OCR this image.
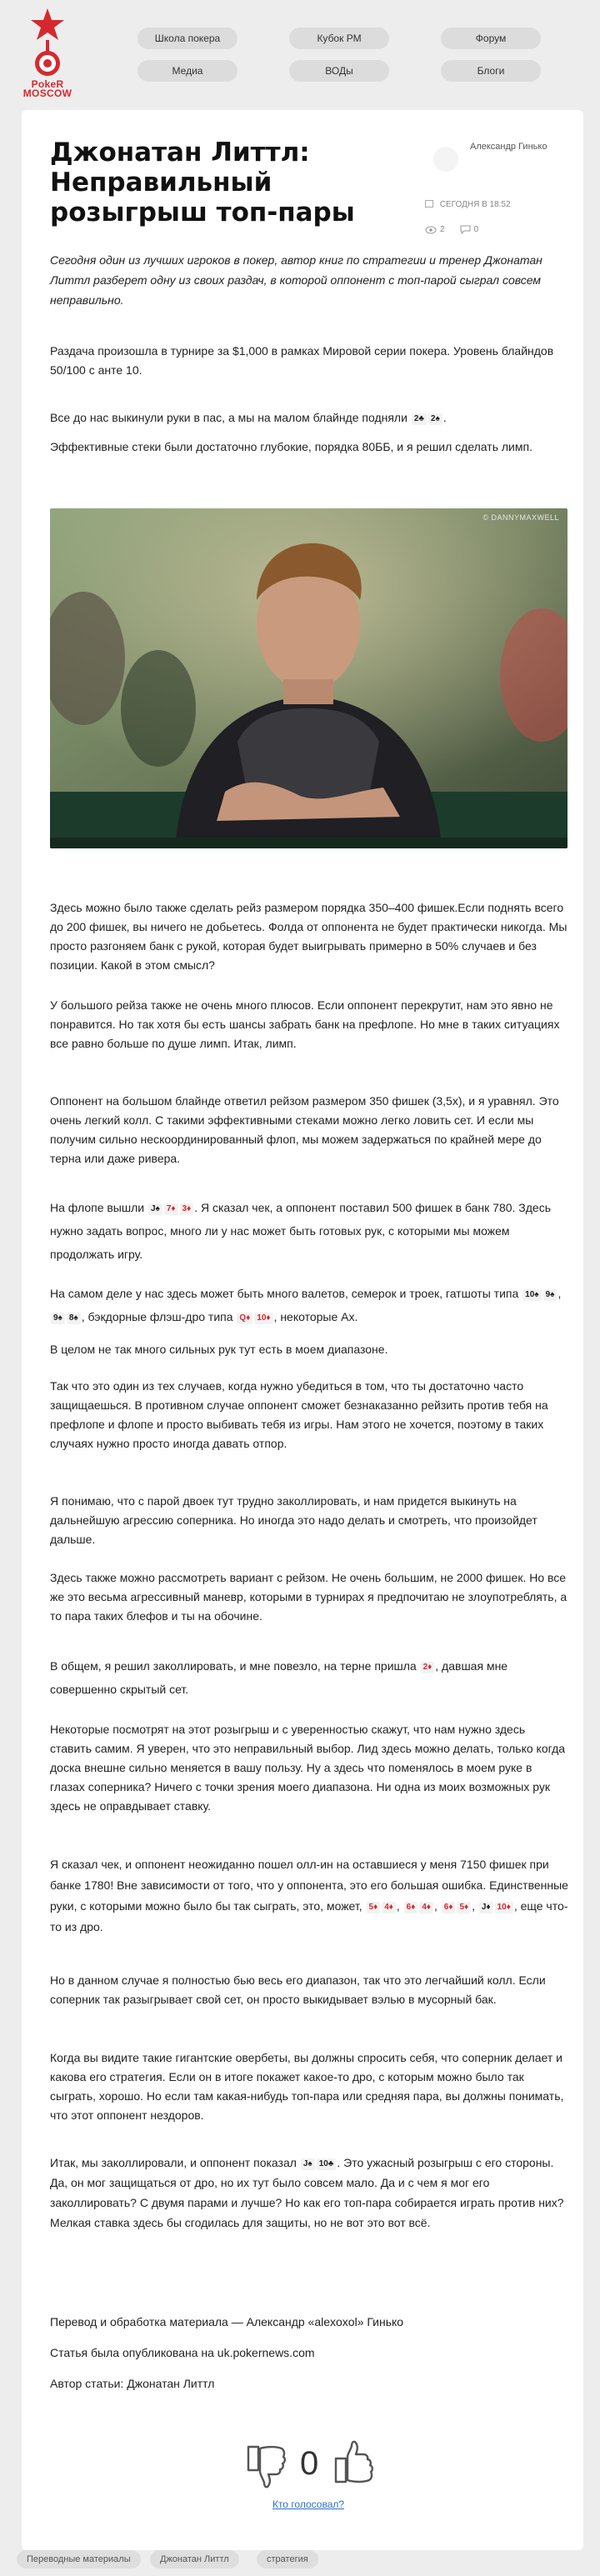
PokeR
MOSCOW
Школа покера	Кубок РМ	Форум
Медиа	ВОДы	Блоги
Джонатан Литтл: Неправильный розыгрыш топ-пары
Александр Гинько
СЕГОДНЯ В 18:52
2	0

Сегодня один из лучших игроков в покер, автор книг по стратегии и тренер Джонатан Литтл разберет одну из своих раздач, в которой оппонент с топ-парой сыграл совсем неправильно.

Раздача произошла в турнире за $1,000 в рамках Мировой серии покера. Уровень блайндов 50/100 с анте 10.

Все до нас выкинули руки в пас, а мы на малом блайнде подняли 2♣ 2♠ .

Эффективные стеки были достаточно глубокие, порядка 80ББ, и я решил сделать лимп.

© DANNYMAXWELL

Здесь можно было также сделать рейз размером порядка 350–400 фишек.Если поднять всего до 200 фишек, вы ничего не добьетесь. Фолда от оппонента не будет практически никогда. Мы просто разгоняем банк с рукой, которая будет выигрывать примерно в 50% случаев и без позиции. Какой в этом смысл?

У большого рейза также не очень много плюсов. Если оппонент перекрутит, нам это явно не понравится. Но так хотя бы есть шансы забрать банк на префлопе. Но мне в таких ситуациях все равно больше по душе лимп. Итак, лимп.

Оппонент на большом блайнде ответил рейзом размером 350 фишек (3,5x), и я уравнял. Это очень легкий колл. С такими эффективными стеками можно легко ловить сет. И если мы получим сильно нескоординированный флоп, мы можем задержаться по крайней мере до терна или даже ривера.

На флопе вышли J♠ 7♦ 3♦ . Я сказал чек, а оппонент поставил 500 фишек в банк 780. Здесь нужно задать вопрос, много ли у нас может быть готовых рук, с которыми мы можем продолжать игру.

На самом деле у нас здесь может быть много валетов, семерок и троек, гатшоты типа 10♠ 9♠ , 9♠ 8♠ , бэкдорные флэш-дро типа Q♦ 10♦ , некоторые Ax.

В целом не так много сильных рук тут есть в моем диапазоне.

Так что это один из тех случаев, когда нужно убедиться в том, что ты достаточно часто защищаешься. В противном случае оппонент сможет безнаказанно рейзить против тебя на префлопе и флопе и просто выбивать тебя из игры. Нам этого не хочется, поэтому в таких случаях нужно просто иногда давать отпор.

Я понимаю, что с парой двоек тут трудно заколлировать, и нам придется выкинуть на дальнейшую агрессию соперника. Но иногда это надо делать и смотреть, что произойдет дальше.

Здесь также можно рассмотреть вариант с рейзом. Не очень большим, не 2000 фишек. Но все же это весьма агрессивный маневр, которыми в турнирах я предпочитаю не злоупотреблять, а то пара таких блефов и ты на обочине.

В общем, я решил заколлировать, и мне повезло, на терне пришла 2♦ , давшая мне совершенно скрытый сет.

Некоторые посмотрят на этот розыгрыш и с уверенностью скажут, что нам нужно здесь ставить самим. Я уверен, что это неправильный выбор. Лид здесь можно делать, только когда доска внешне сильно меняется в вашу пользу. Ну а здесь что поменялось в моем руке в глазах соперника? Ничего с точки зрения моего диапазона. Ни одна из моих возможных рук здесь не оправдывает ставку.

Я сказал чек, и оппонент неожиданно пошел олл-ин на оставшиеся у меня 7150 фишек при банке 1780! Вне зависимости от того, что у оппонента, это его большая ошибка. Единственные руки, с которыми можно было бы так сыграть, это, может, 5♦ 4♦ , 6♦ 4♦ , 6♦ 5♦ , J♦ 10♦ , еще что-то из дро.

Но в данном случае я полностью бью весь его диапазон, так что это легчайший колл. Если соперник так разыгрывает свой сет, он просто выкидывает вэлью в мусорный бак.

Когда вы видите такие гигантские овербеты, вы должны спросить себя, что соперник делает и какова его стратегия. Если он в итоге покажет какое-то дро, с которым можно было так сыграть, хорошо. Но если там какая-нибудь топ-пара или средняя пара, вы должны понимать, что этот оппонент нездоров.

Итак, мы заколлировали, и оппонент показал J♠ 10♣ . Это ужасный розыгрыш с его стороны. Да, он мог защищаться от дро, но их тут было совсем мало. Да и с чем я мог его заколлировать? С двумя парами и лучше? Но как его топ-пара собирается играть против них? Мелкая ставка здесь бы сгодилась для защиты, но не вот это вот всё.

Перевод и обработка материала — Александр «alexoxol» Гинько

Статья была опубликована на uk.pokernews.com

Автор статьи: Джонатан Литтл

0
Кто голосовал?
Переводные материалы	Джонатан Литтл	стратегия
